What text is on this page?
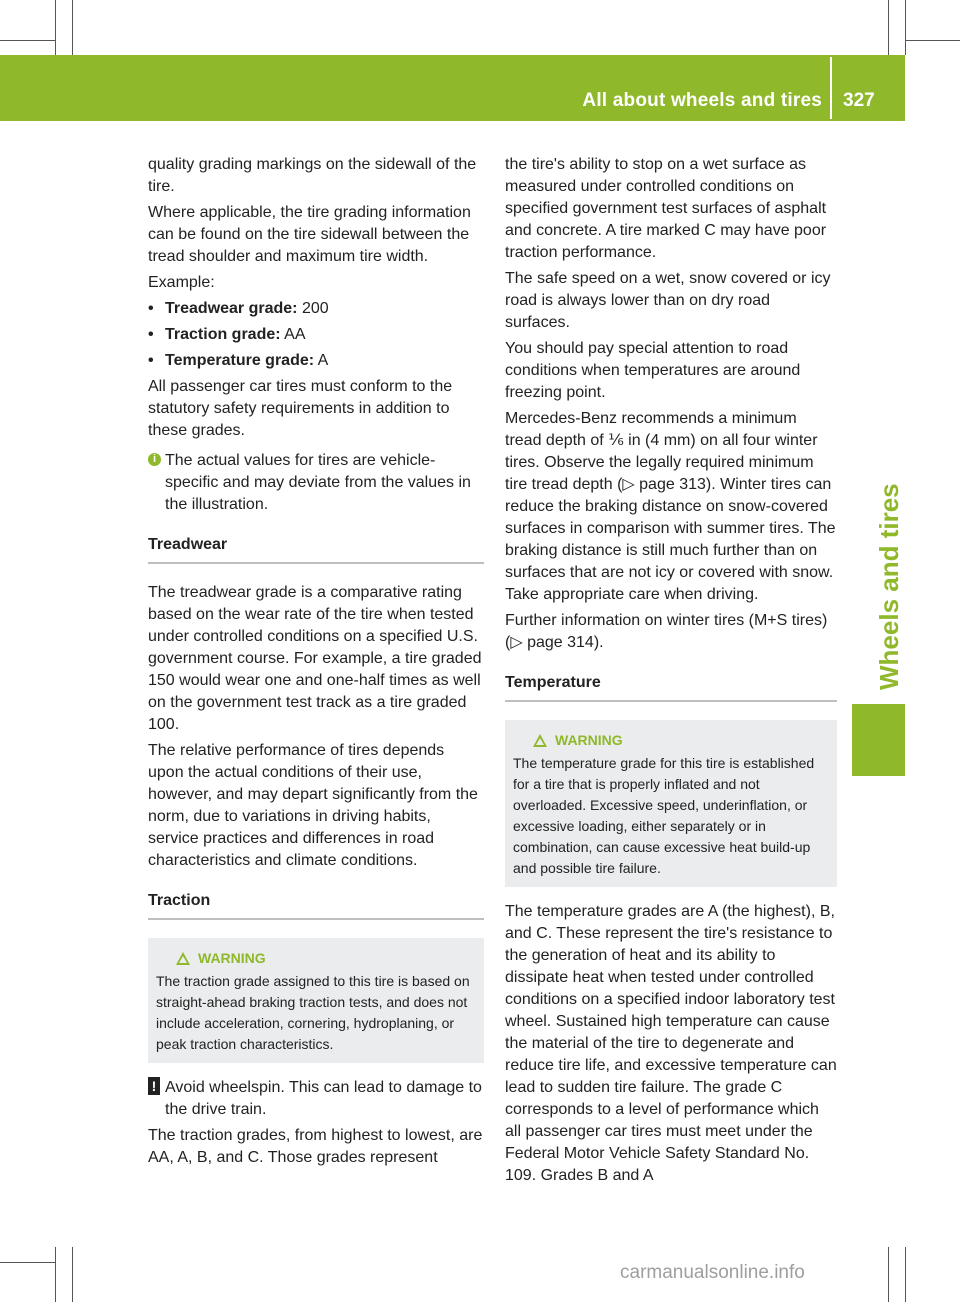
All about wheels and tires 327
Wheels and tires

quality grading markings on the sidewall of the tire.

Where applicable, the tire grading information can be found on the tire sidewall between the tread shoulder and maximum tire width.

Example:

• Treadwear grade: 200
• Traction grade: AA
• Temperature grade: A

All passenger car tires must conform to the statutory safety requirements in addition to these grades.

i The actual values for tires are vehicle-specific and may deviate from the values in the illustration.
Treadwear

The treadwear grade is a comparative rating based on the wear rate of the tire when tested under controlled conditions on a specified U.S. government course. For example, a tire graded 150 would wear one and one-half times as well on the government test track as a tire graded 100.

The relative performance of tires depends upon the actual conditions of their use, however, and may depart significantly from the norm, due to variations in driving habits, service practices and differences in road characteristics and climate conditions.

Traction
WARNING
The traction grade assigned to this tire is based on straight-ahead braking traction tests, and does not include acceleration, cornering, hydroplaning, or peak traction characteristics.
! Avoid wheelspin. This can lead to damage to the drive train.

The traction grades, from highest to lowest, are AA, A, B, and C. Those grades represent

the tire's ability to stop on a wet surface as measured under controlled conditions on specified government test surfaces of asphalt and concrete. A tire marked C may have poor traction performance.

The safe speed on a wet, snow covered or icy road is always lower than on dry road surfaces.

You should pay special attention to road conditions when temperatures are around freezing point.

Mercedes-Benz recommends a minimum tread depth of ⅙ in (4 mm) on all four winter tires. Observe the legally required minimum tire tread depth (▷ page 313). Winter tires can reduce the braking distance on snow-covered surfaces in comparison with summer tires. The braking distance is still much further than on surfaces that are not icy or covered with snow. Take appropriate care when driving.

Further information on winter tires (M+S tires) (▷ page 314).

Temperature
WARNING
The temperature grade for this tire is established for a tire that is properly inflated and not overloaded. Excessive speed, underinflation, or excessive loading, either separately or in combination, can cause excessive heat build-up and possible tire failure.

The temperature grades are A (the highest), B, and C. These represent the tire's resistance to the generation of heat and its ability to dissipate heat when tested under controlled conditions on a specified indoor laboratory test wheel. Sustained high temperature can cause the material of the tire to degenerate and reduce tire life, and excessive temperature can lead to sudden tire failure. The grade C corresponds to a level of performance which all passenger car tires must meet under the Federal Motor Vehicle Safety Standard No. 109. Grades B and A

carmanualsonline.info
